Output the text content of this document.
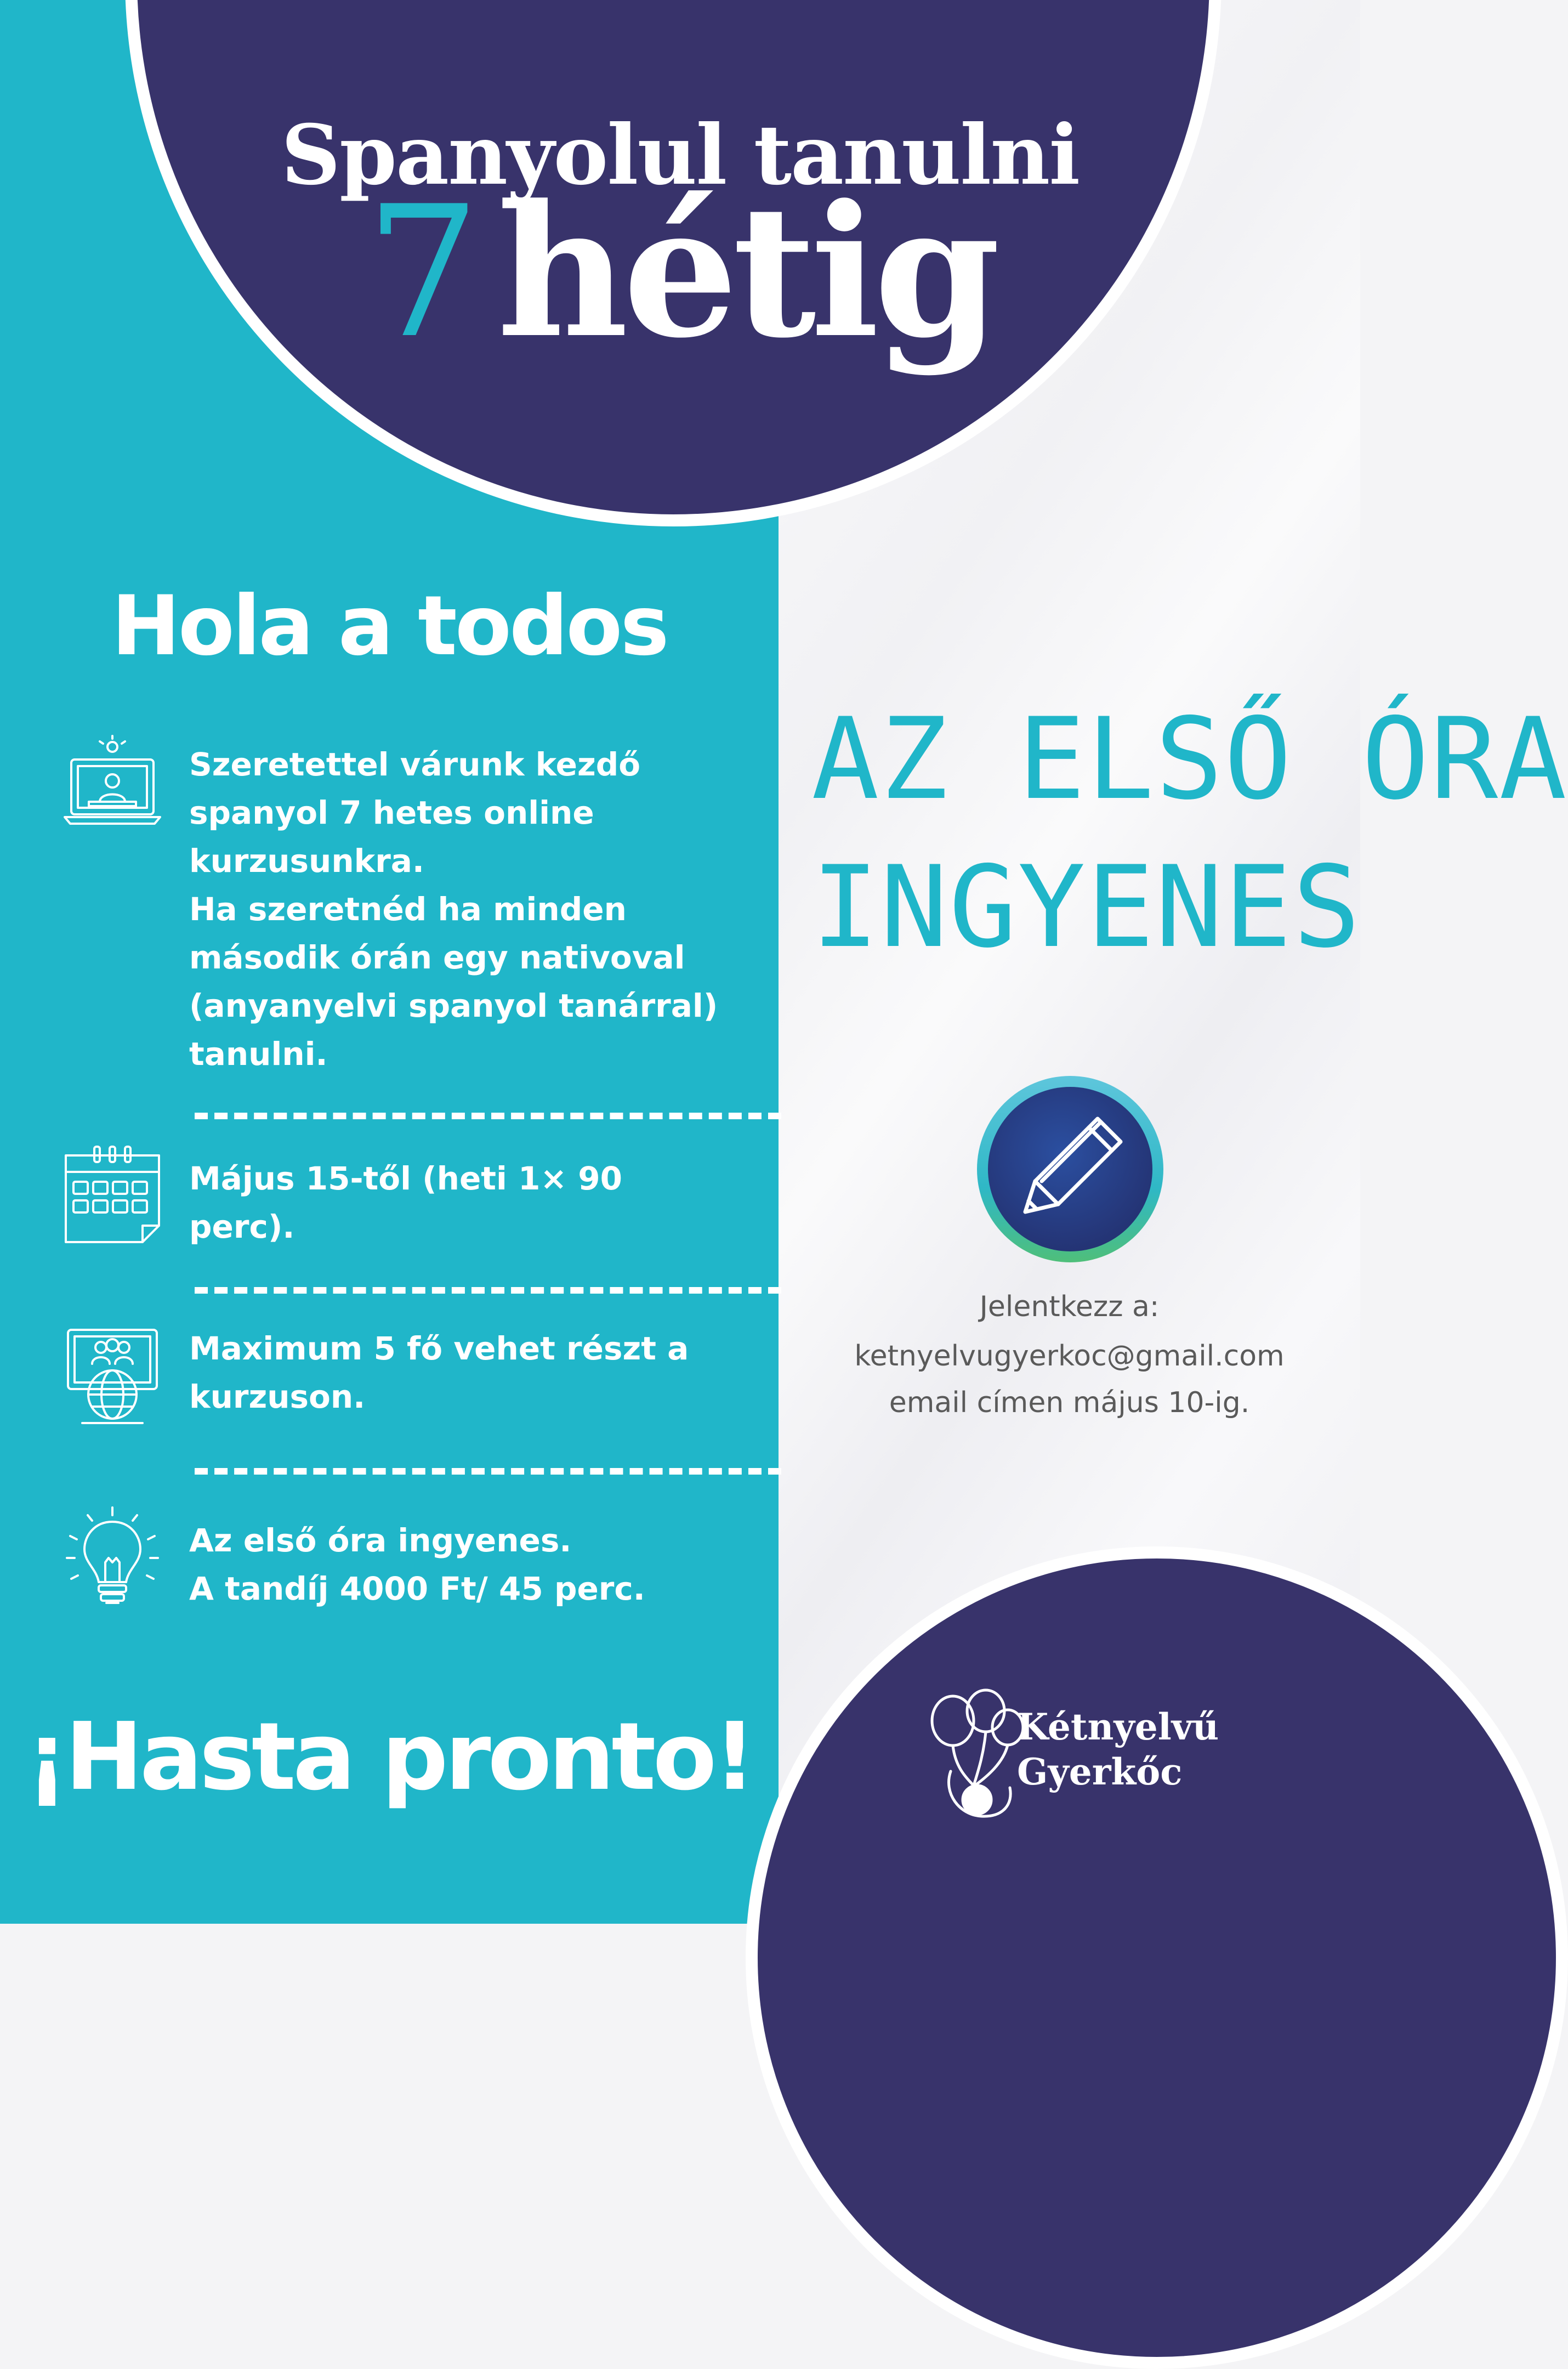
Spanyolul tanulni
7 hétig
Hola a todos
Szeretettel várunk kezdő
spanyol 7 hetes online
kurzusunkra.
Ha szeretnéd ha minden
második órán egy nativoval
(anyanyelvi spanyol tanárral)
tanulni.
Május 15-től (heti 1× 90
perc).
Maximum 5 fő vehet részt a
kurzuson.
Az első óra ingyenes.
A tandíj 4000 Ft/ 45 perc.
¡Hasta pronto!
AZ ELSŐ ÓRA
INGYENES
Jelentkezz a:
ketnyelvugyerkoc@gmail.com
email címen május 10-ig.
Kétnyelvű
Gyerkőc
